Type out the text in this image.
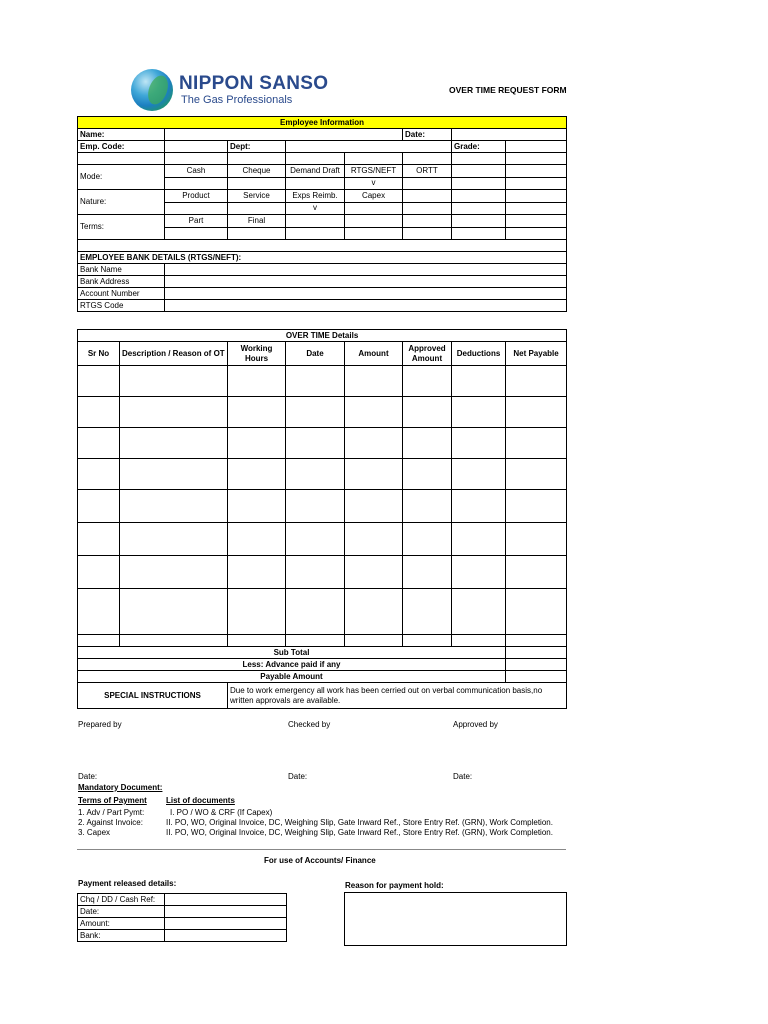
NIPPON SANSO
The Gas Professionals
OVER TIME REQUEST FORM
Employee Information							
Name:					Date:		
Emp. Code:		Dept:				Grade:	

Mode:	Cash	Cheque	Demand Draft	RTGS/NEFT	ORTT		
				v			
Nature:	Product	Service	Exps Reimb.	Capex			
			v				
Terms:	Part	Final					

EMPLOYEE BANK DETAILS (RTGS/NEFT):							
Bank Name							
Bank Address							
Account Number							
RTGS Code							
OVER TIME Details							
Sr No	Description / Reason of OT	Working Hours	Date	Amount	Approved Amount	Deductions	Net Payable

Sub Total							
Less: Advance paid if any							
Payable Amount							
SPECIAL INSTRUCTIONS		Due to work emergency all work has been cerried out on verbal communication basis,no written approvals are available.					
Prepared by	Checked by	Approved by
Date:	Date:	Date:
Mandatory Document:
Terms of Payment List of documents
1. Adv / Part Pymt:	I. PO / WO & CRF (If Capex)
2. Against Invoice:	II. PO, WO, Original Invoice, DC, Weighing Slip, Gate Inward Ref., Store Entry Ref. (GRN), Work Completion.
3. Capex	II. PO, WO, Original Invoice, DC, Weighing Slip, Gate Inward Ref., Store Entry Ref. (GRN), Work Completion.
For use of Accounts/ Finance
Payment released details:	Reason for payment hold:
Chq / DD / Cash Ref:	
Date:	
Amount:	
Bank:	
